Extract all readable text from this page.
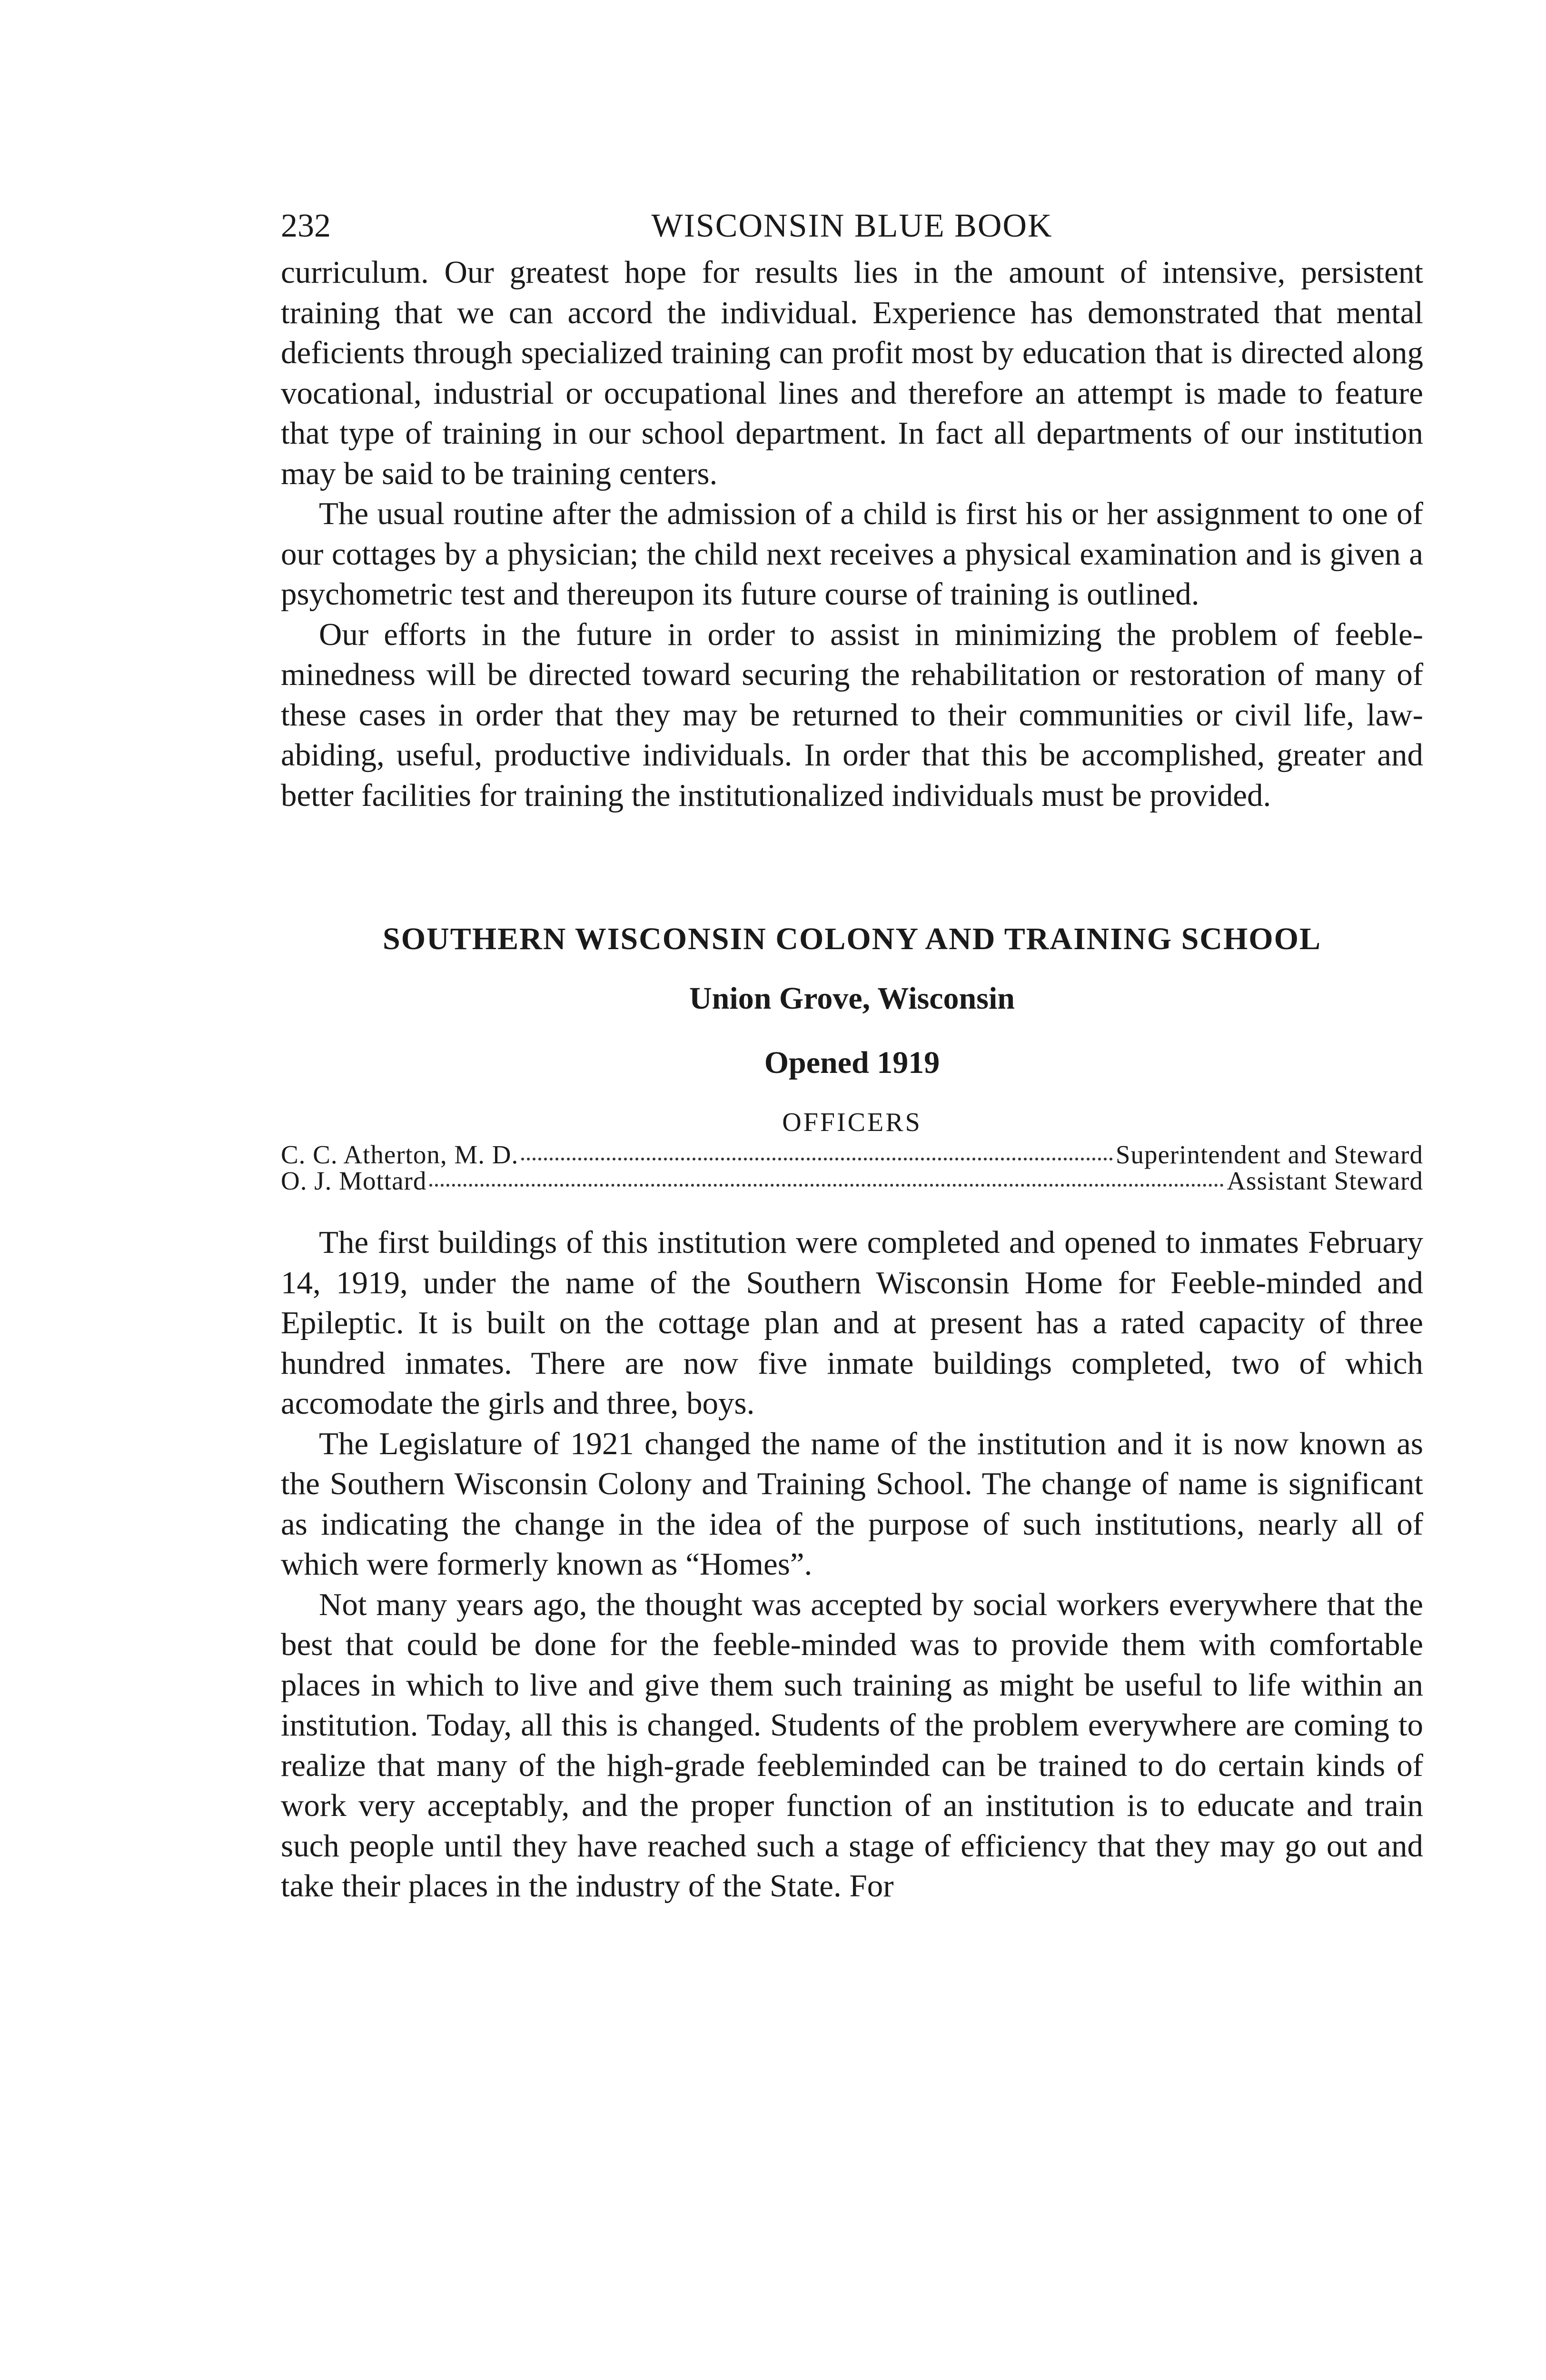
232	WISCONSIN BLUE BOOK

curriculum. Our greatest hope for results lies in the amount of intensive, persistent training that we can accord the individual. Experience has demonstrated that mental deficients through specialized training can profit most by education that is directed along vocational, industrial or occupational lines and therefore an attempt is made to feature that type of training in our school department. In fact all departments of our institution may be said to be training centers.

The usual routine after the admission of a child is first his or her assignment to one of our cottages by a physician; the child next receives a physical examination and is given a psychometric test and thereupon its future course of training is outlined.

Our efforts in the future in order to assist in minimizing the problem of feeble-minedness will be directed toward securing the rehabilitation or restoration of many of these cases in order that they may be returned to their communities or civil life, law-abiding, useful, productive individuals. In order that this be accomplished, greater and better facilities for training the institutionalized individuals must be provided.

SOUTHERN WISCONSIN COLONY AND TRAINING SCHOOL
Union Grove, Wisconsin
Opened 1919
OFFICERS
C. C. Atherton, M. D.	Superintendent and Steward
O. J. Mottard	Assistant Steward

The first buildings of this institution were completed and opened to inmates February 14, 1919, under the name of the Southern Wisconsin Home for Feeble-minded and Epileptic. It is built on the cottage plan and at present has a rated capacity of three hundred inmates. There are now five inmate buildings completed, two of which accomodate the girls and three, boys.

The Legislature of 1921 changed the name of the institution and it is now known as the Southern Wisconsin Colony and Training School. The change of name is significant as indicating the change in the idea of the purpose of such institutions, nearly all of which were formerly known as “Homes”.

Not many years ago, the thought was accepted by social workers everywhere that the best that could be done for the feeble-minded was to provide them with comfortable places in which to live and give them such training as might be useful to life within an institution. Today, all this is changed. Students of the problem everywhere are coming to realize that many of the high-grade feebleminded can be trained to do certain kinds of work very acceptably, and the proper function of an institution is to educate and train such people until they have reached such a stage of efficiency that they may go out and take their places in the industry of the State. For
